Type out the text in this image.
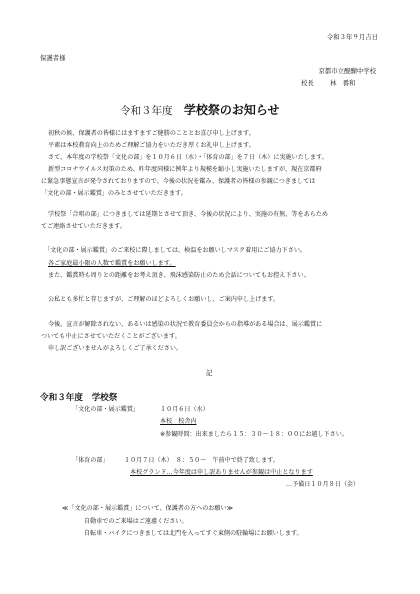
令和３年９月吉日
保護者様
京都市立醍醐中学校
校長	林　番和
令和３年度 学校祭のお知らせ
初秋の候、保護者の皆様にはますますご健勝のこととお喜び申し上げます。
平素は本校教育向上のためご理解ご協力をいただき厚くお礼申し上げます。
さて、本年度の学校祭「文化の部」を１０月６日（水）・「体育の部」を７日（木）に実施いたします。
新型コロナウイルス対策のため、昨年度同様に例年より規模を縮小し実施いたしますが、現在京都府
に緊急事態宣言が発令されておりますので、今後の状況を鑑み、保護者の皆様の参観につきましては
「文化の部・展示鑑賞」のみとさせていただきます。
学校祭「合唱の部」につきましては延期とさせて頂き、今後の状況により、実施の有無、等をあらため
てご連絡させていただきます。
「文化の部・展示鑑賞」のご来校に際しましては、検温をお願いしマスク着用にご協力下さい。
各ご家庭最小限の人数で鑑賞をお願いします。
また、鑑賞時も周りとの距離をお考え頂き、飛沫感染防止のため会話についてもお控え下さい。
公私とも多忙と存じますが、ご理解のほどよろしくお願いし、ご案内申し上げます。
今後、宣言が解除されない、あるいは感染の状況で教育委員会からの指導がある場合は、展示鑑賞に
ついても中止にさせていただくことがございます。
申し訳ございませんがよろしくご了承ください。
記
令和３年度　学校祭
「文化の部・展示鑑賞」	１０月６日（水）
本校　校舎内
※参観時間：出来ましたら１５：３０～１８：００にお越し下さい。
「体育の部」	１０月７日（木）　８：５０～　午前中で終了致します。
本校グランド…今年度は申し訳ありませんが参観は中止となります
…予備日１０月８日（金）
≪「文化の部・展示鑑賞」について、保護者の方へのお願い≫
自動車でのご来場はご遠慮ください。
自転車・バイクにつきましては北門を入ってすぐ東側の駐輪場にお願いします。
